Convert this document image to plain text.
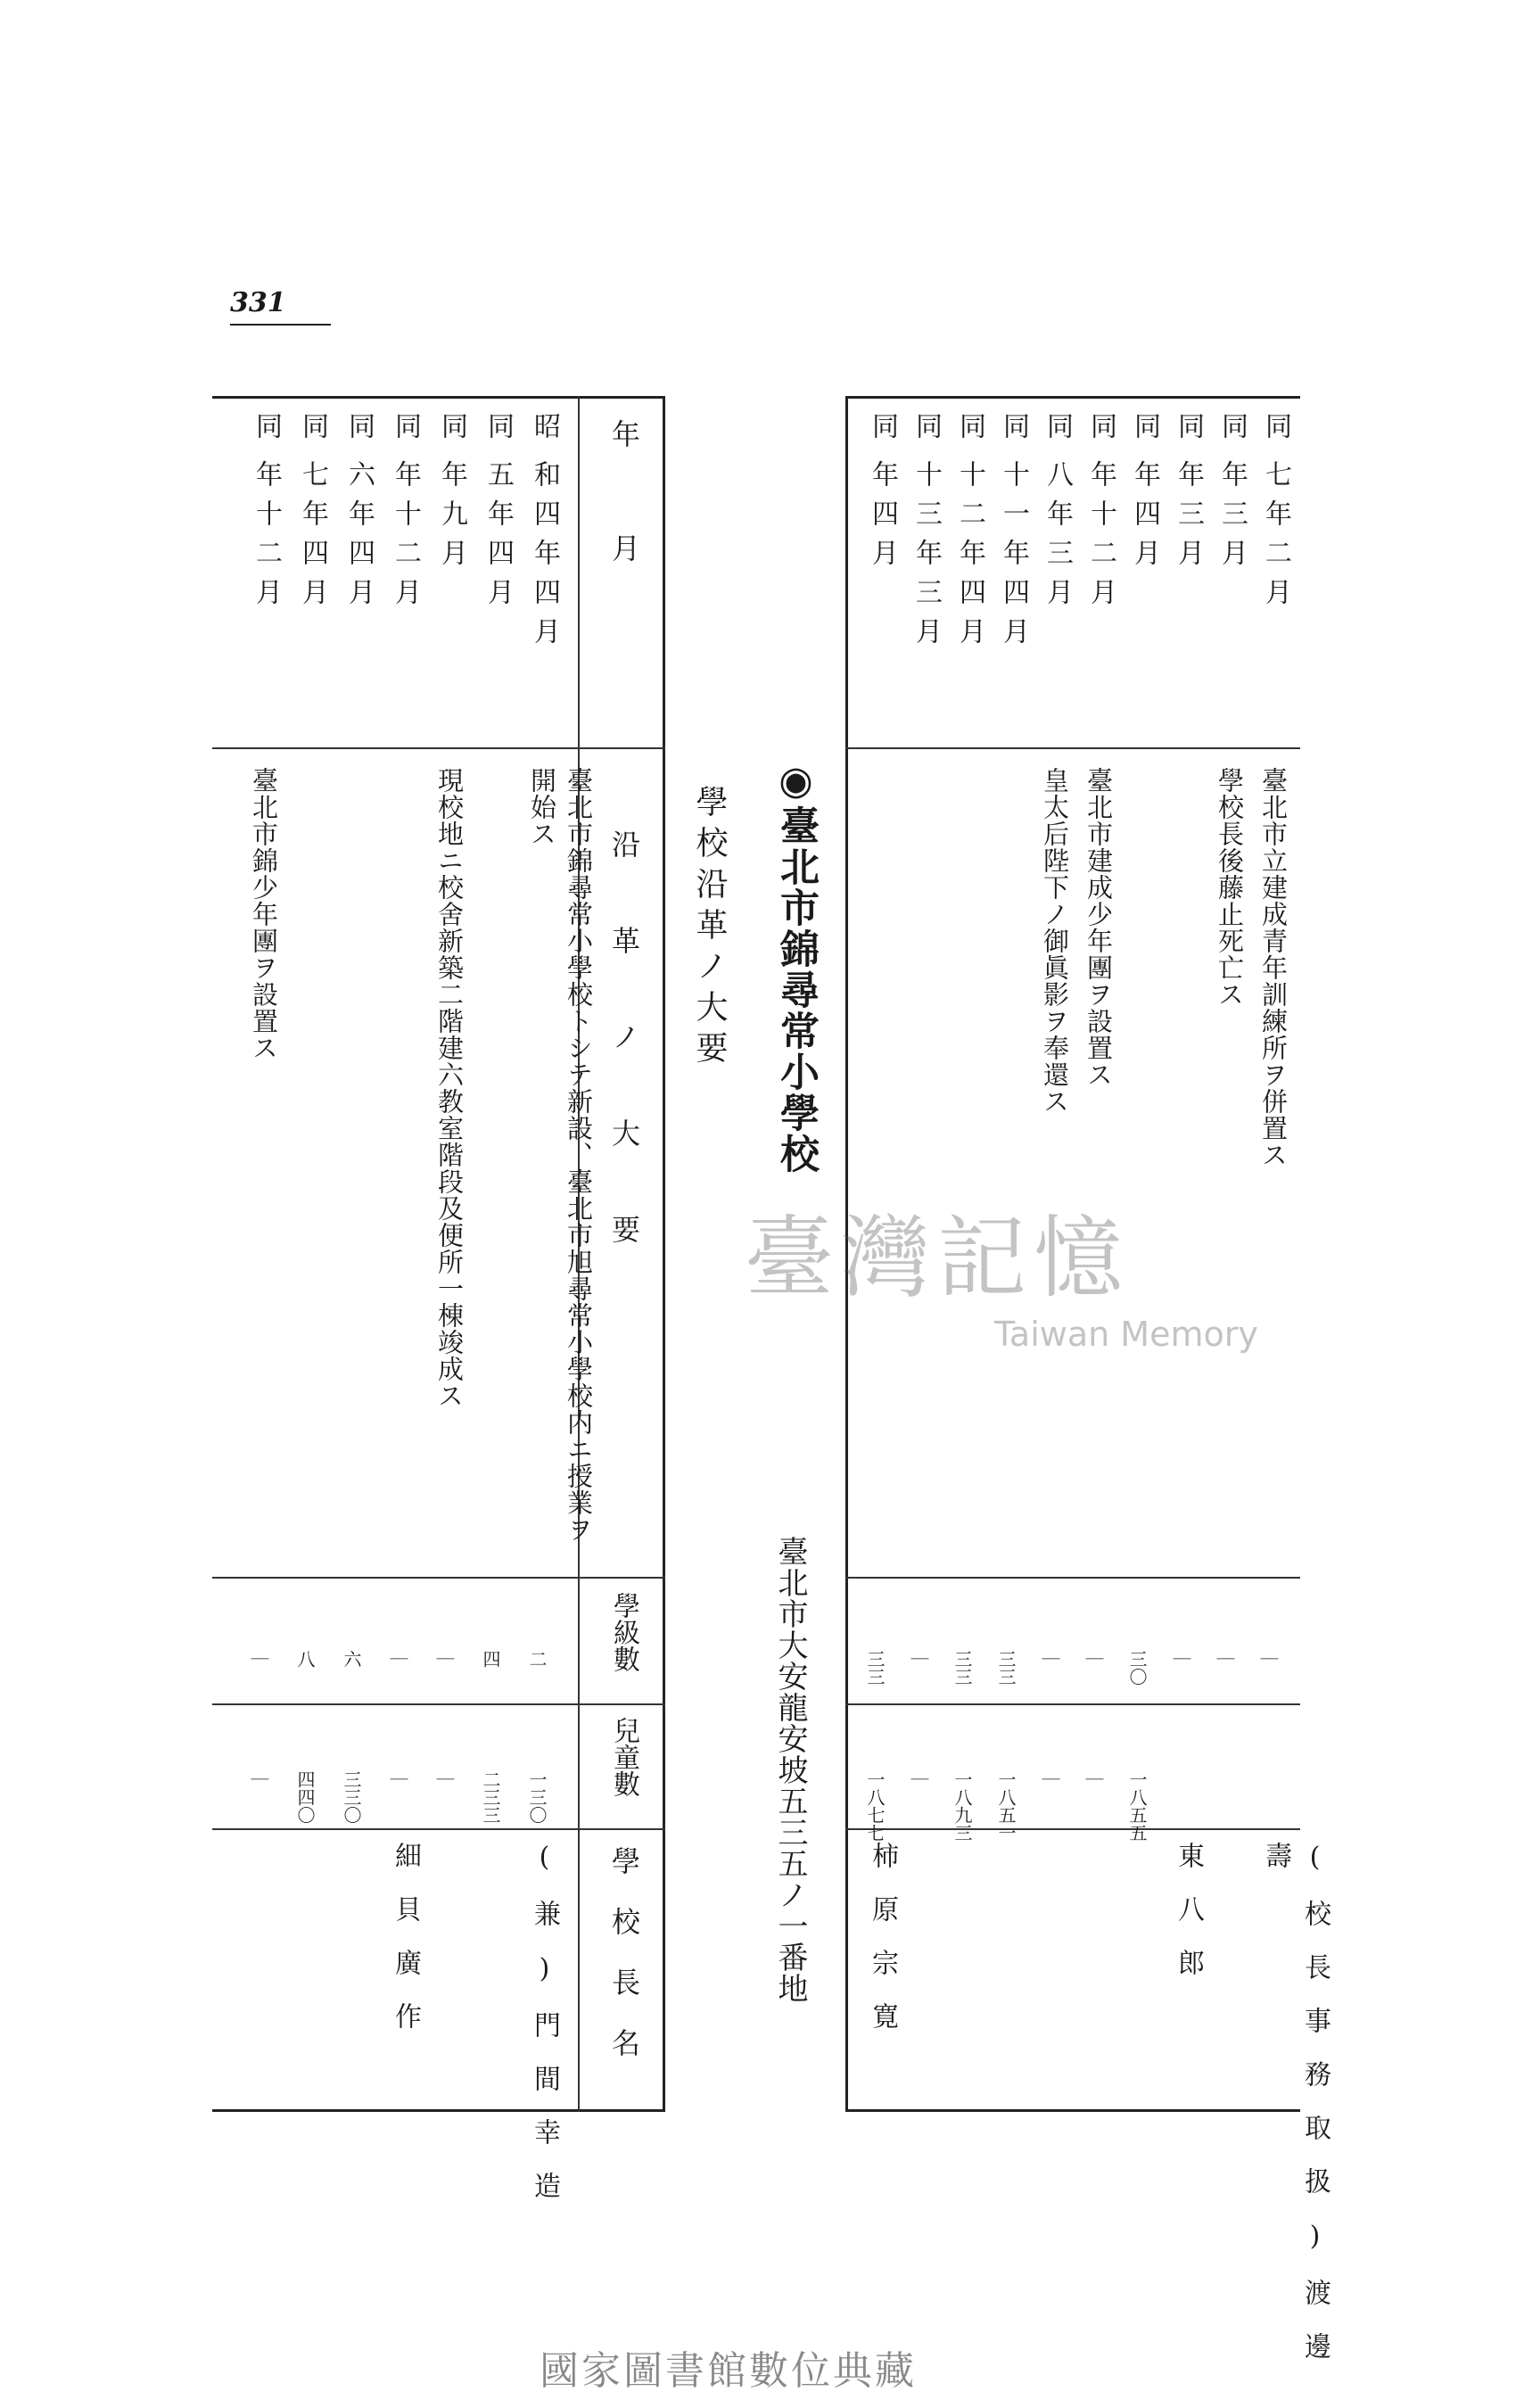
331
同
七年二月
臺北市立建成青年訓練所ヲ併置ス
｜
(校長事務取扱)渡邊壽
同
年三月
學校長後藤止死亡ス
｜
同
年三月
｜
東八郎
同
年四月
三〇
一八五五
同
年十二月
臺北市建成少年團ヲ設置ス
｜
｜
同
八年三月
皇太后陛下ノ御眞影ヲ奉還ス
｜
｜
同
十一年四月
三三
一八五一
同
十二年四月
三三
一八九三
同
十三年三月
｜
｜
同
年四月
三三
一八七七
柿原宗寛
◉臺北市錦尋常小學校
臺北市大安龍安坡五三五ノ一番地
學校沿革ノ大要
年　　　月
沿　革　ノ　大　要
學級數
兒童數
學校長名
昭
和四年四月
臺北市錦尋常小學校トシテ新設、臺北市旭尋常小學校内ニ授業ヲ開始ス
二
一三〇
(兼)門間幸造
同
五年四月
四
二三三
同
年九月
現校地ニ校舍新築二階建六教室階段及便所一棟竣成ス
｜
｜
同
年十二月
｜
｜
細貝廣作
同
六年四月
六
三三〇
同
七年四月
八
四四〇
同
年十二月
臺北市錦少年團ヲ設置ス
｜
｜
臺灣記憶
Taiwan Memory
國家圖書館數位典藏
